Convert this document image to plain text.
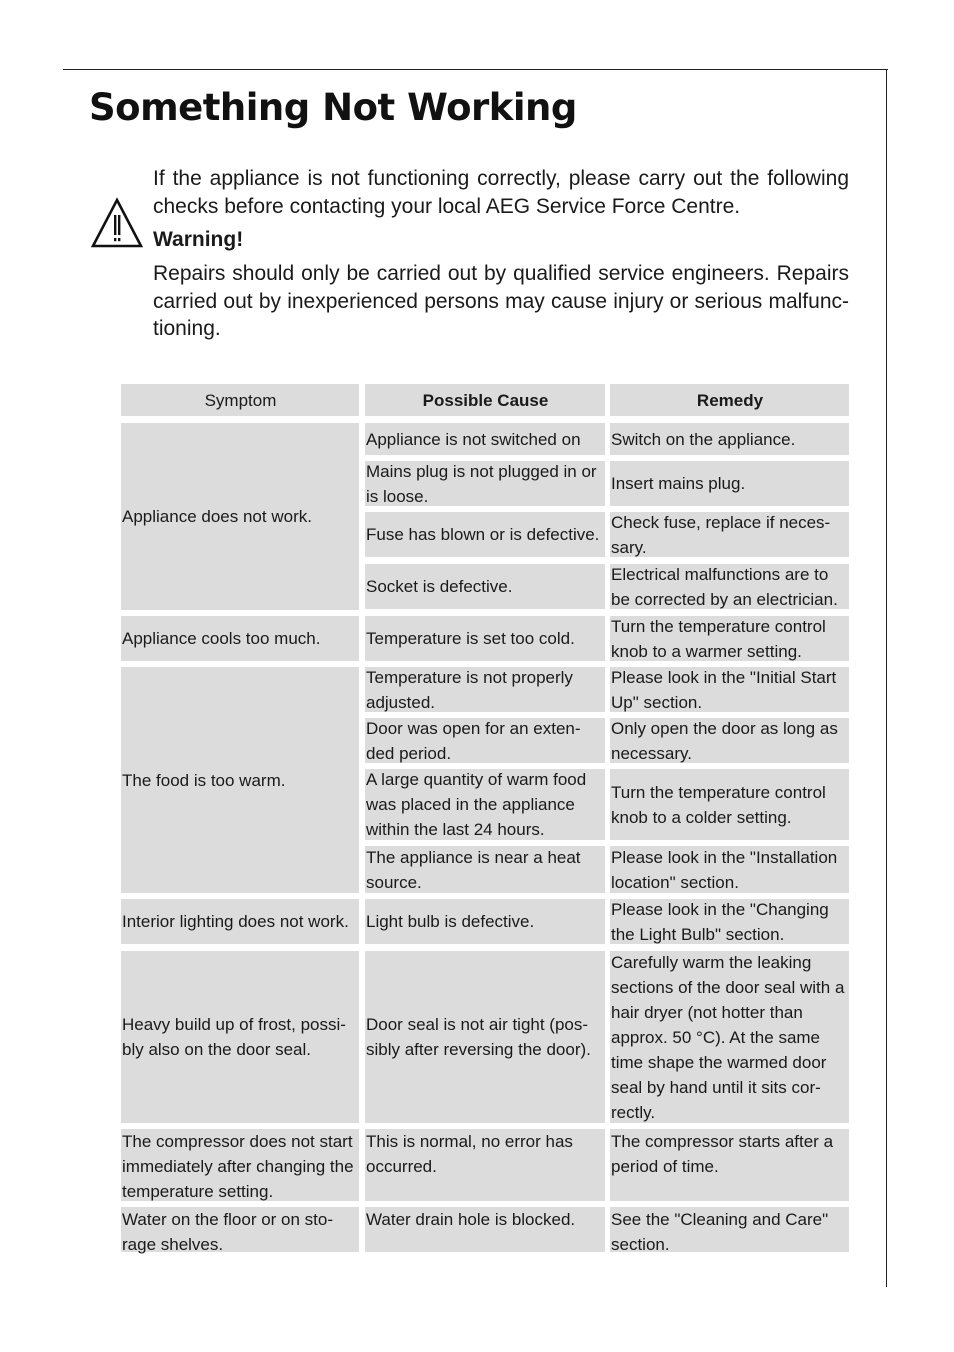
Something Not Working

If the appliance is not functioning correctly, please carry out the following checks before contacting your local AEG Service Force Centre.

Warning!

Repairs should only be carried out by qualified service engineers. Repairs carried out by inexperienced persons may cause injury or serious malfunc-tioning.

Symptom	Possible Cause	Remedy
Appliance does not work.
Appliance cools too much.
The food is too warm.
Interior lighting does not work.
Heavy build up of frost, possi-bly also on the door seal.
The compressor does not start immediately after changing the temperature setting.
Water on the floor or on sto-rage shelves.
Appliance is not switched on
Mains plug is not plugged in or is loose.
Fuse has blown or is defective.
Socket is defective.
Temperature is set too cold.
Temperature is not properly adjusted.
Door was open for an exten-ded period.
A large quantity of warm food was placed in the appliance within the last 24 hours.
The appliance is near a heat source.
Light bulb is defective.
Door seal is not air tight (pos-sibly after reversing the door).
This is normal, no error has occurred.
Water drain hole is blocked.
Switch on the appliance.
Insert mains plug.
Check fuse, replace if neces-sary.
Electrical malfunctions are to be corrected by an electrician.
Turn the temperature control knob to a warmer setting.
Please look in the "Initial Start Up" section.
Only open the door as long as necessary.
Turn the temperature control knob to a colder setting.
Please look in the "Installation location" section.
Please look in the "Changing the Light Bulb" section.
Carefully warm the leaking sections of the door seal with a hair dryer (not hotter than approx. 50 °C). At the same time shape the warmed door seal by hand until it sits cor-rectly.
The compressor starts after a period of time.
See the "Cleaning and Care" section.
